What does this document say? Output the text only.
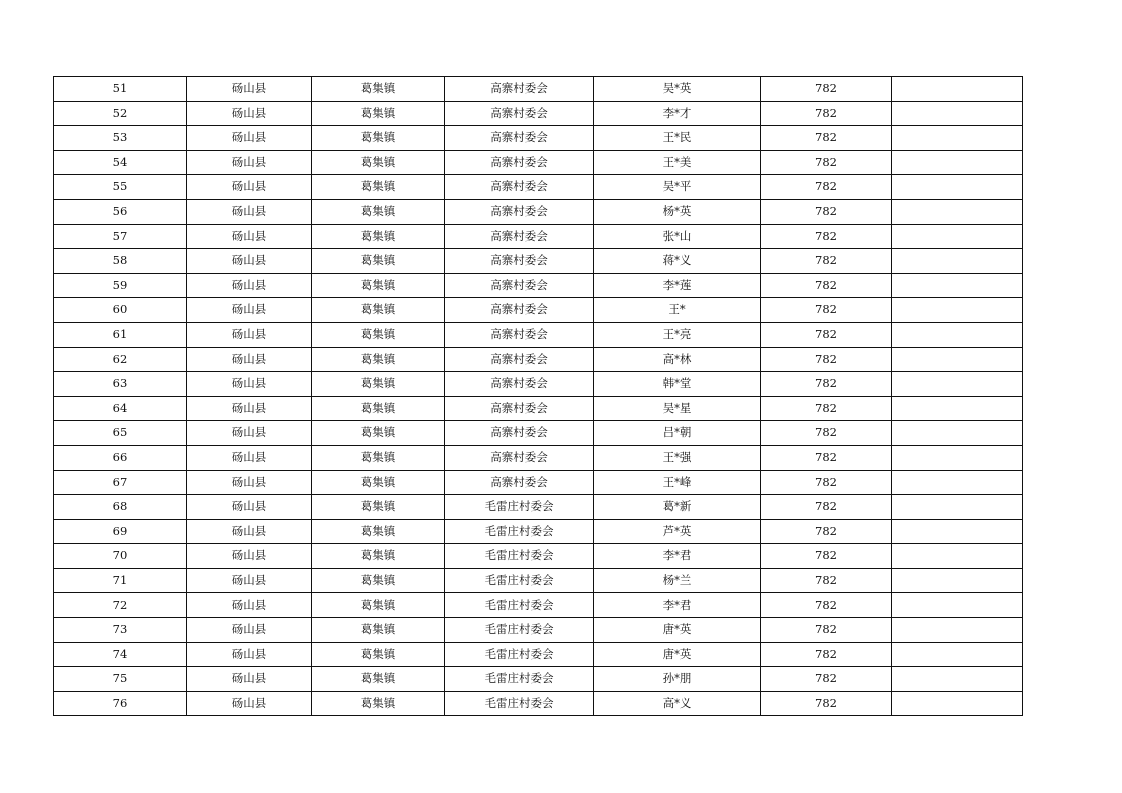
51	砀山县	葛集镇	高寨村委会	吴*英	782	
52	砀山县	葛集镇	高寨村委会	李*才	782	
53	砀山县	葛集镇	高寨村委会	王*民	782	
54	砀山县	葛集镇	高寨村委会	王*美	782	
55	砀山县	葛集镇	高寨村委会	吴*平	782	
56	砀山县	葛集镇	高寨村委会	杨*英	782	
57	砀山县	葛集镇	高寨村委会	张*山	782	
58	砀山县	葛集镇	高寨村委会	蒋*义	782	
59	砀山县	葛集镇	高寨村委会	李*莲	782	
60	砀山县	葛集镇	高寨村委会	王*	782	
61	砀山县	葛集镇	高寨村委会	王*亮	782	
62	砀山县	葛集镇	高寨村委会	高*林	782	
63	砀山县	葛集镇	高寨村委会	韩*堂	782	
64	砀山县	葛集镇	高寨村委会	吴*星	782	
65	砀山县	葛集镇	高寨村委会	吕*朝	782	
66	砀山县	葛集镇	高寨村委会	王*强	782	
67	砀山县	葛集镇	高寨村委会	王*峰	782	
68	砀山县	葛集镇	毛雷庄村委会	葛*新	782	
69	砀山县	葛集镇	毛雷庄村委会	芦*英	782	
70	砀山县	葛集镇	毛雷庄村委会	李*君	782	
71	砀山县	葛集镇	毛雷庄村委会	杨*兰	782	
72	砀山县	葛集镇	毛雷庄村委会	李*君	782	
73	砀山县	葛集镇	毛雷庄村委会	唐*英	782	
74	砀山县	葛集镇	毛雷庄村委会	唐*英	782	
75	砀山县	葛集镇	毛雷庄村委会	孙*朋	782	
76	砀山县	葛集镇	毛雷庄村委会	高*义	782	
